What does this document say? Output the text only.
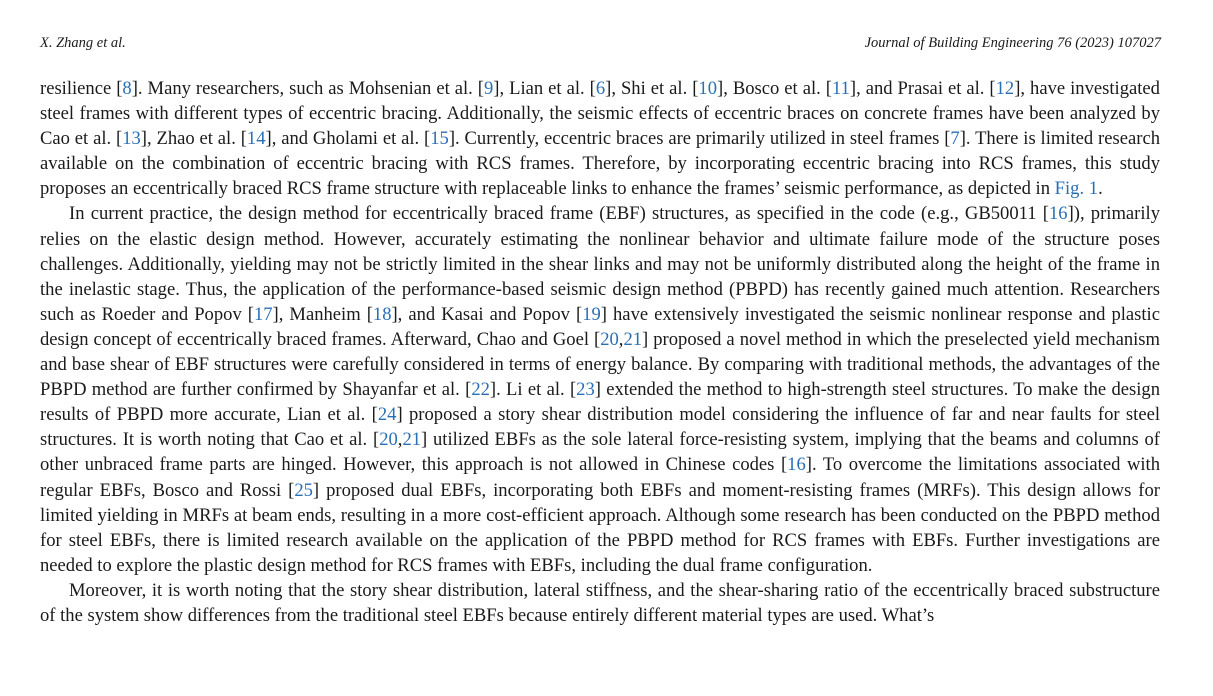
X. Zhang et al.	Journal of Building Engineering 76 (2023) 107027

resilience [8]. Many researchers, such as Mohsenian et al. [9], Lian et al. [6], Shi et al. [10], Bosco et al. [11], and Prasai et al. [12], have investigated steel frames with different types of eccentric bracing. Additionally, the seismic effects of eccentric braces on concrete frames have been analyzed by Cao et al. [13], Zhao et al. [14], and Gholami et al. [15]. Currently, eccentric braces are primarily utilized in steel frames [7]. There is limited research available on the combination of eccentric bracing with RCS frames. Therefore, by incorporating eccentric bracing into RCS frames, this study proposes an eccentrically braced RCS frame structure with replaceable links to enhance the frames’ seismic performance, as depicted in Fig. 1.

In current practice, the design method for eccentrically braced frame (EBF) structures, as specified in the code (e.g., GB50011 [16]), primarily relies on the elastic design method. However, accurately estimating the nonlinear behavior and ultimate failure mode of the structure poses challenges. Additionally, yielding may not be strictly limited in the shear links and may not be uniformly distributed along the height of the frame in the inelastic stage. Thus, the application of the performance-based seismic design method (PBPD) has recently gained much attention. Researchers such as Roeder and Popov [17], Manheim [18], and Kasai and Popov [19] have extensively investigated the seismic nonlinear response and plastic design concept of eccentrically braced frames. Afterward, Chao and Goel [20,21] proposed a novel method in which the preselected yield mechanism and base shear of EBF structures were carefully considered in terms of energy balance. By comparing with traditional methods, the advantages of the PBPD method are further confirmed by Shayanfar et al. [22]. Li et al. [23] extended the method to high-strength steel structures. To make the design results of PBPD more accurate, Lian et al. [24] proposed a story shear distribution model considering the influence of far and near faults for steel structures. It is worth noting that Cao et al. [20,21] utilized EBFs as the sole lateral force-resisting system, implying that the beams and columns of other unbraced frame parts are hinged. However, this approach is not allowed in Chinese codes [16]. To overcome the limitations associated with regular EBFs, Bosco and Rossi [25] proposed dual EBFs, incorporating both EBFs and moment-resisting frames (MRFs). This design allows for limited yielding in MRFs at beam ends, resulting in a more cost-efficient approach. Although some research has been conducted on the PBPD method for steel EBFs, there is limited research available on the application of the PBPD method for RCS frames with EBFs. Further investigations are needed to explore the plastic design method for RCS frames with EBFs, including the dual frame configuration.

Moreover, it is worth noting that the story shear distribution, lateral stiffness, and the shear-sharing ratio of the eccentrically braced substructure of the system show differences from the traditional steel EBFs because entirely different material types are used. What’s
